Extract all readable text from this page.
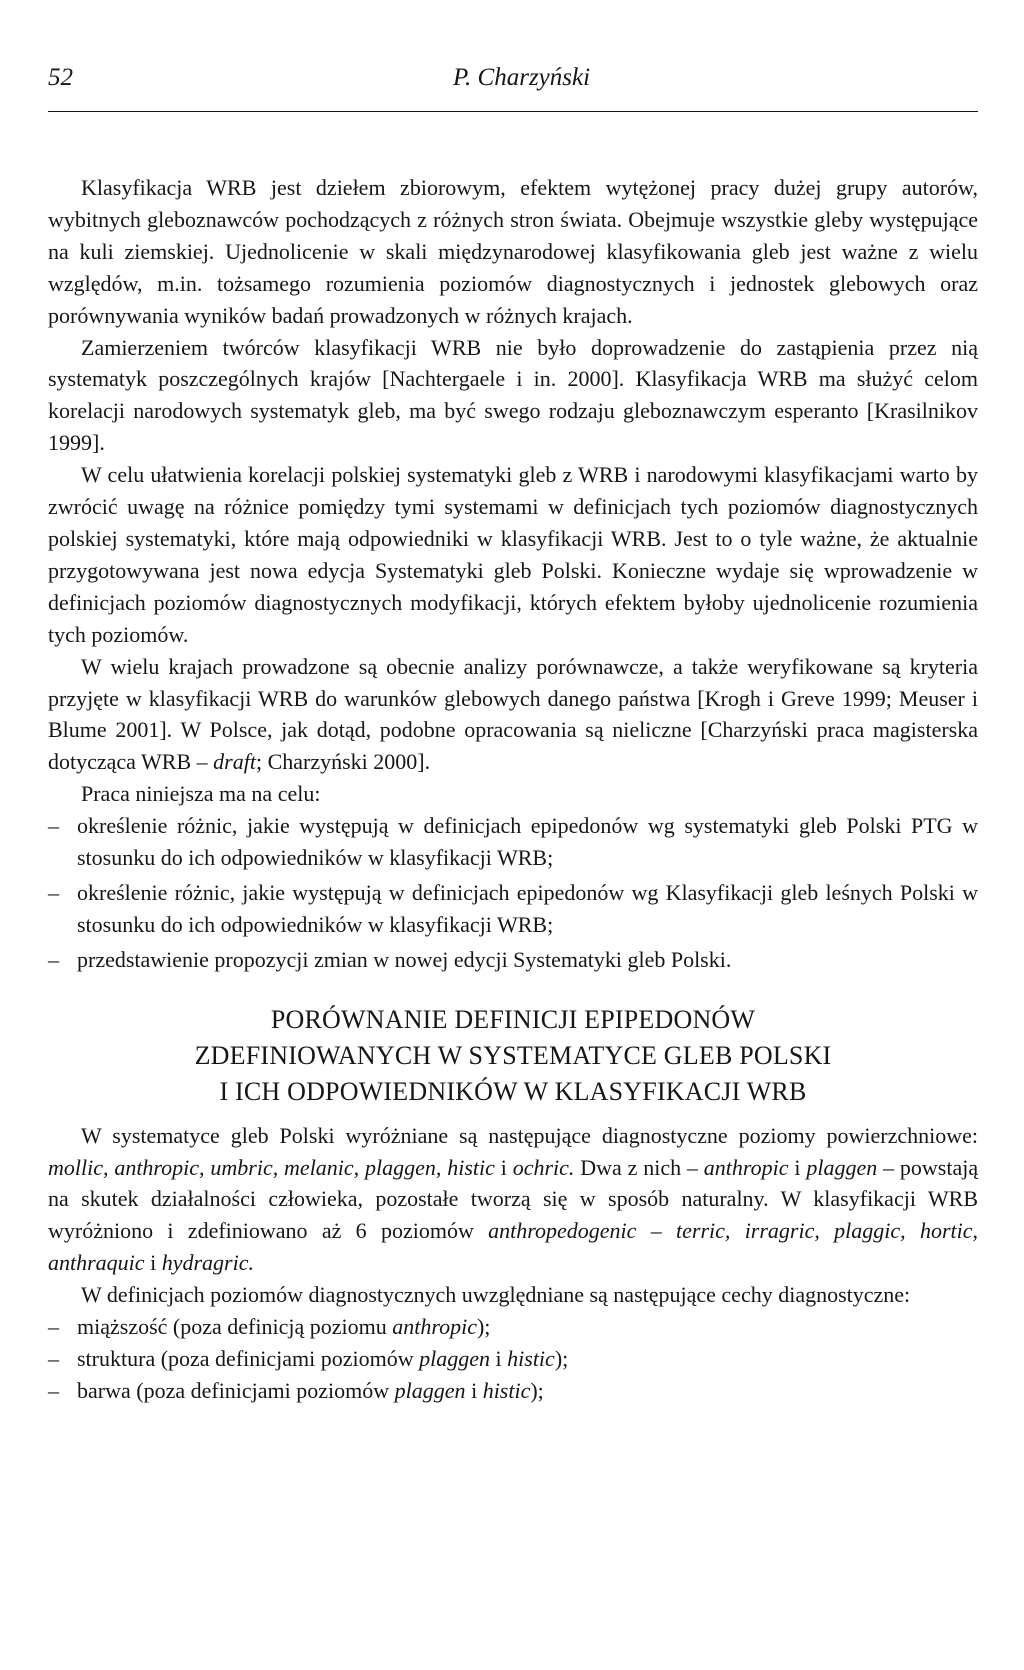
52	P. Charzyński

Klasyfikacja WRB jest dziełem zbiorowym, efektem wytężonej pracy dużej grupy autorów, wybitnych gleboznawców pochodzących z różnych stron świata. Obejmuje wszystkie gleby występujące na kuli ziemskiej. Ujednolicenie w skali międzynarodowej klasyfikowania gleb jest ważne z wielu względów, m.in. tożsamego rozumienia poziomów diagnostycznych i jednostek glebowych oraz porównywania wyników badań prowadzonych w różnych krajach.

Zamierzeniem twórców klasyfikacji WRB nie było doprowadzenie do zastąpienia przez nią systematyk poszczególnych krajów [Nachtergaele i in. 2000]. Klasyfikacja WRB ma służyć celom korelacji narodowych systematyk gleb, ma być swego rodzaju gleboznawczym esperanto [Krasilnikov 1999].

W celu ułatwienia korelacji polskiej systematyki gleb z WRB i narodowymi klasyfikacjami warto by zwrócić uwagę na różnice pomiędzy tymi systemami w definicjach tych poziomów diagnostycznych polskiej systematyki, które mają odpowiedniki w klasyfikacji WRB. Jest to o tyle ważne, że aktualnie przygotowywana jest nowa edycja Systematyki gleb Polski. Konieczne wydaje się wprowadzenie w definicjach poziomów diagnostycznych modyfikacji, których efektem byłoby ujednolicenie rozumienia tych poziomów.

W wielu krajach prowadzone są obecnie analizy porównawcze, a także weryfikowane są kryteria przyjęte w klasyfikacji WRB do warunków glebowych danego państwa [Krogh i Greve 1999; Meuser i Blume 2001]. W Polsce, jak dotąd, podobne opracowania są nieliczne [Charzyński praca magisterska dotycząca WRB – draft; Charzyński 2000].

Praca niniejsza ma na celu:

– określenie różnic, jakie występują w definicjach epipedonów wg systematyki gleb Polski PTG w stosunku do ich odpowiedników w klasyfikacji WRB;
– określenie różnic, jakie występują w definicjach epipedonów wg Klasyfikacji gleb leśnych Polski w stosunku do ich odpowiedników w klasyfikacji WRB;
– przedstawienie propozycji zmian w nowej edycji Systematyki gleb Polski.
PORÓWNANIE DEFINICJI EPIPEDONÓW
ZDEFINIOWANYCH W SYSTEMATYCE GLEB POLSKI
I ICH ODPOWIEDNIKÓW W KLASYFIKACJI WRB

W systematyce gleb Polski wyróżniane są następujące diagnostyczne poziomy powierzchniowe: mollic, anthropic, umbric, melanic, plaggen, histic i ochric. Dwa z nich – anthropic i plaggen – powstają na skutek działalności człowieka, pozostałe tworzą się w sposób naturalny. W klasyfikacji WRB wyróżniono i zdefiniowano aż 6 poziomów anthropedogenic – terric, irragric, plaggic, hortic, anthraquic i hydragric.

W definicjach poziomów diagnostycznych uwzględniane są następujące cechy diagnostyczne:

– miąższość (poza definicją poziomu anthropic);
– struktura (poza definicjami poziomów plaggen i histic);
– barwa (poza definicjami poziomów plaggen i histic);
